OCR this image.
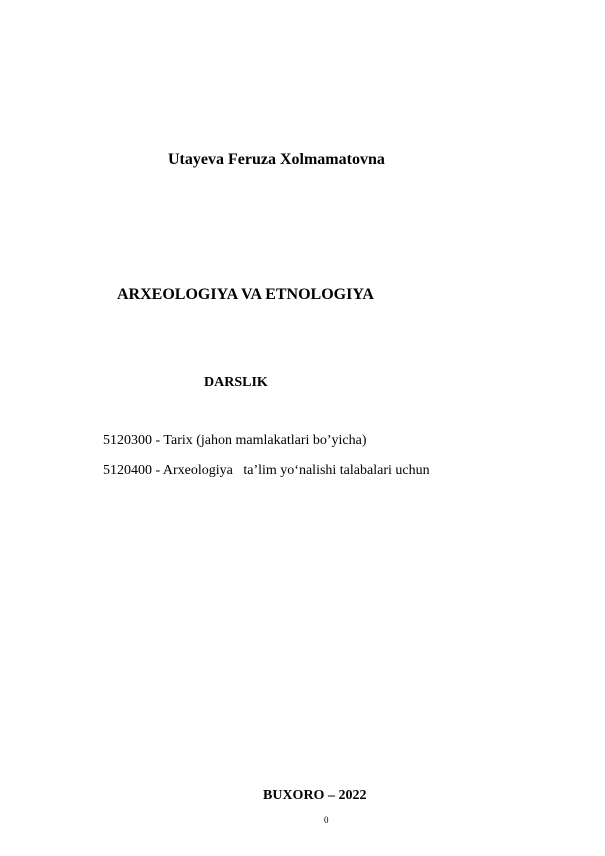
Utayeva Feruza Xolmamatovna
ARXEOLOGIYA VA ETNOLOGIYA
DARSLIK
5120300 - Tarix (jahon mamlakatlari bo’yicha)
5120400 - Arxeologiya   ta’lim yo‘nalishi talabalari uchun
BUXORO – 2022
0
